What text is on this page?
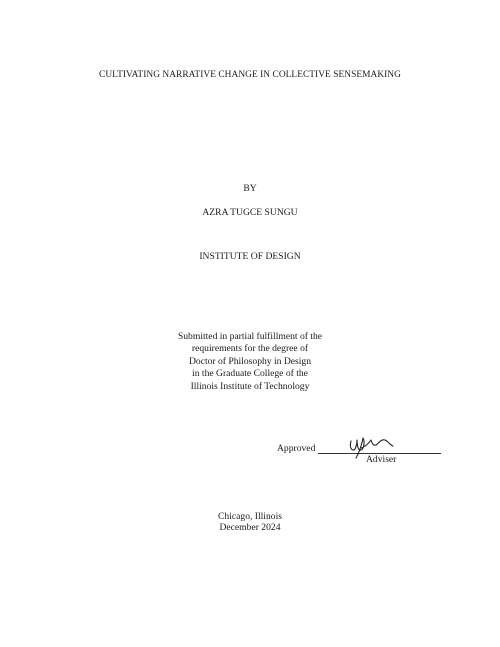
CULTIVATING NARRATIVE CHANGE IN COLLECTIVE SENSEMAKING
BY
AZRA TUGCE SUNGU
INSTITUTE OF DESIGN
Submitted in partial fulfillment of the
requirements for the degree of
Doctor of Philosophy in Design
in the Graduate College of the
Illinois Institute of Technology
Approved
Adviser
Chicago, Illinois
December 2024
